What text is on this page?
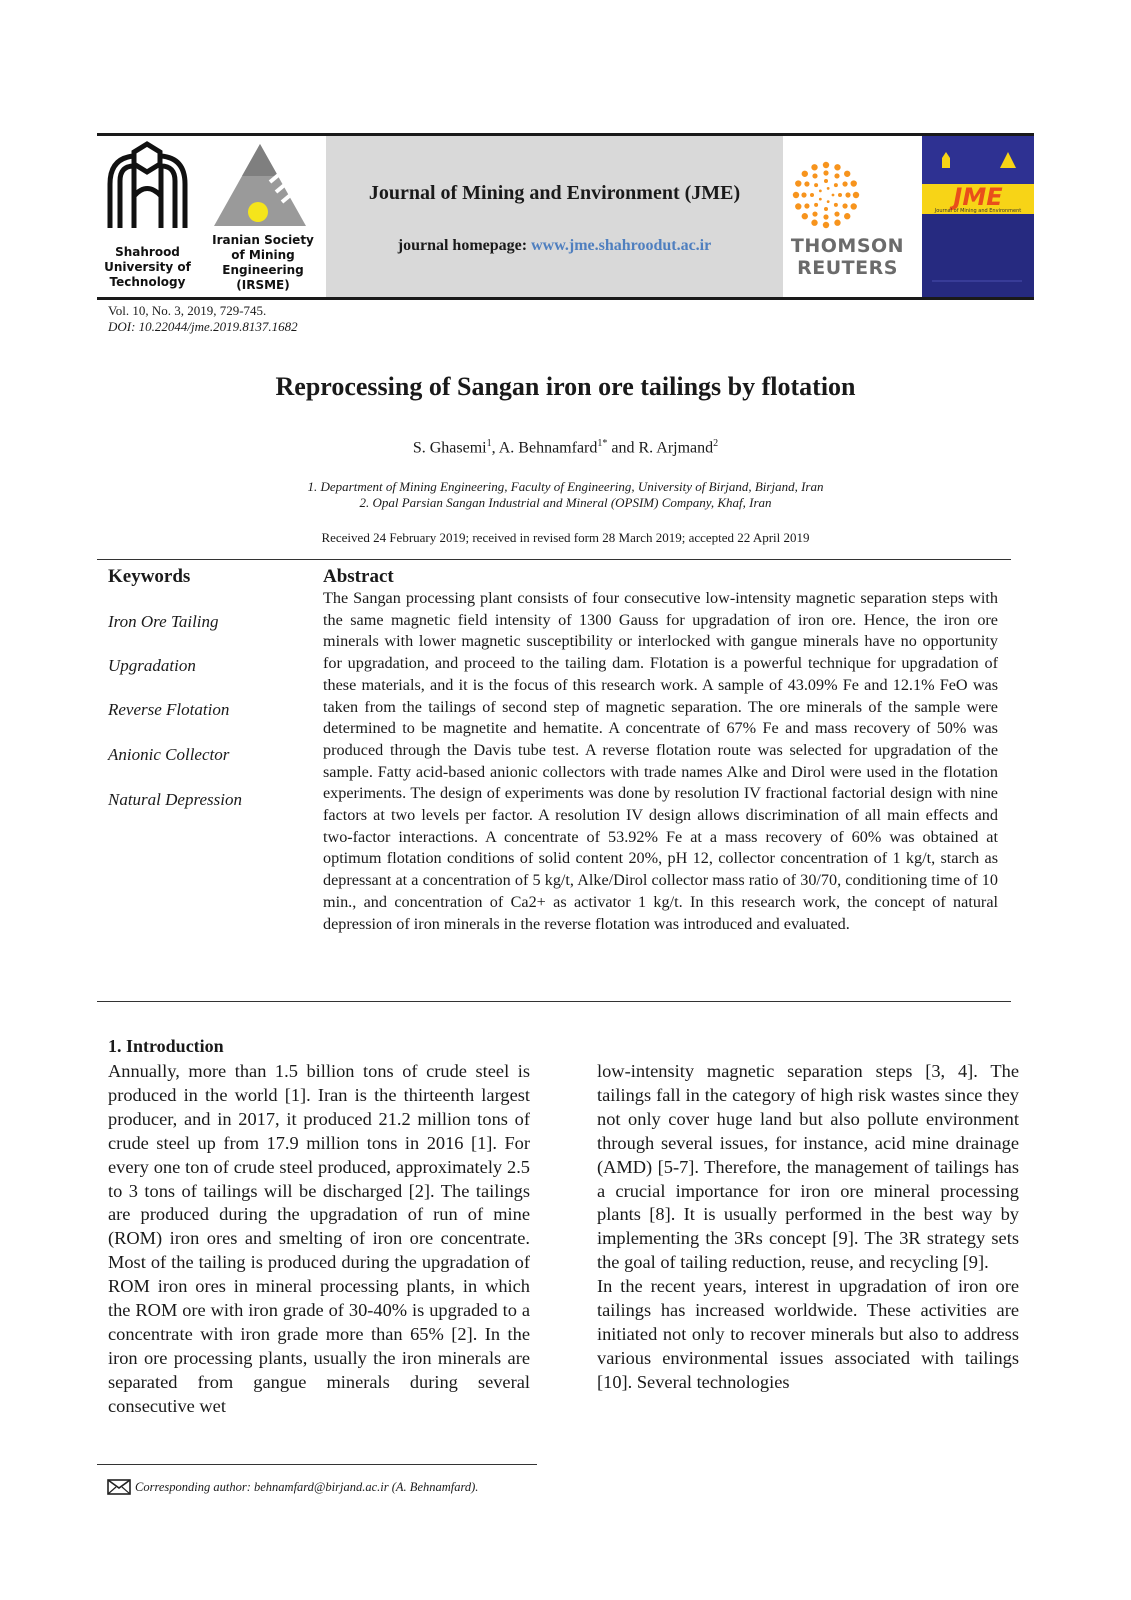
Shahrood
University of
Technology
Iranian Society
of Mining
Engineering
(IRSME)
Journal of Mining and Environment (JME)
journal homepage: www.jme.shahroodut.ac.ir	THOMSON
REUTERS
JME
Journal of Mining and Environment
Vol. 10, No. 3, 2019, 729-745.
DOI: 10.22044/jme.2019.8137.1682
Reprocessing of Sangan iron ore tailings by flotation
S. Ghasemi$^1$, A. Behnamfard$^{1*}$ and R. Arjmand$^2$
1. Department of Mining Engineering, Faculty of Engineering, University of Birjand, Birjand, Iran
2. Opal Parsian Sangan Industrial and Mineral (OPSIM) Company, Khaf, Iran
Received 24 February 2019; received in revised form 28 March 2019; accepted 22 April 2019
Keywords
Iron Ore Tailing
Upgradation
Reverse Flotation
Anionic Collector
Natural Depression
Abstract
The Sangan processing plant consists of four consecutive low-intensity magnetic separation steps with the same magnetic field intensity of 1300 Gauss for upgradation of iron ore. Hence, the iron ore minerals with lower magnetic susceptibility or interlocked with gangue minerals have no opportunity for upgradation, and proceed to the tailing dam. Flotation is a powerful technique for upgradation of these materials, and it is the focus of this research work. A sample of 43.09% Fe and 12.1% FeO was taken from the tailings of second step of magnetic separation. The ore minerals of the sample were determined to be magnetite and hematite. A concentrate of 67% Fe and mass recovery of 50% was produced through the Davis tube test. A reverse flotation route was selected for upgradation of the sample. Fatty acid-based anionic collectors with trade names Alke and Dirol were used in the flotation experiments. The design of experiments was done by resolution IV fractional factorial design with nine factors at two levels per factor. A resolution IV design allows discrimination of all main effects and two-factor interactions. A concentrate of 53.92% Fe at a mass recovery of 60% was obtained at optimum flotation conditions of solid content 20%, pH 12, collector concentration of 1 kg/t, starch as depressant at a concentration of 5 kg/t, Alke/Dirol collector mass ratio of 30/70, conditioning time of 10 min., and concentration of Ca2+ as activator 1 kg/t. In this research work, the concept of natural depression of iron minerals in the reverse flotation was introduced and evaluated.
1. Introduction
Annually, more than 1.5 billion tons of crude steel is produced in the world [1]. Iran is the thirteenth largest producer, and in 2017, it produced 21.2 million tons of crude steel up from 17.9 million tons in 2016 [1]. For every one ton of crude steel produced, approximately 2.5 to 3 tons of tailings will be discharged [2]. The tailings are produced during the upgradation of run of mine (ROM) iron ores and smelting of iron ore concentrate. Most of the tailing is produced during the upgradation of ROM iron ores in mineral processing plants, in which the ROM ore with iron grade of 30-40% is upgraded to a concentrate with iron grade more than 65% [2]. In the iron ore processing plants, usually the iron minerals are separated from gangue minerals during several consecutive wet
low-intensity magnetic separation steps [3, 4]. The tailings fall in the category of high risk wastes since they not only cover huge land but also pollute environment through several issues, for instance, acid mine drainage (AMD) [5-7]. Therefore, the management of tailings has a crucial importance for iron ore mineral processing plants [8]. It is usually performed in the best way by implementing the 3Rs concept [9]. The 3R strategy sets the goal of tailing reduction, reuse, and recycling [9].
In the recent years, interest in upgradation of iron ore tailings has increased worldwide. These activities are initiated not only to recover minerals but also to address various environmental issues associated with tailings [10]. Several technologies
Corresponding author: behnamfard@birjand.ac.ir (A. Behnamfard).
